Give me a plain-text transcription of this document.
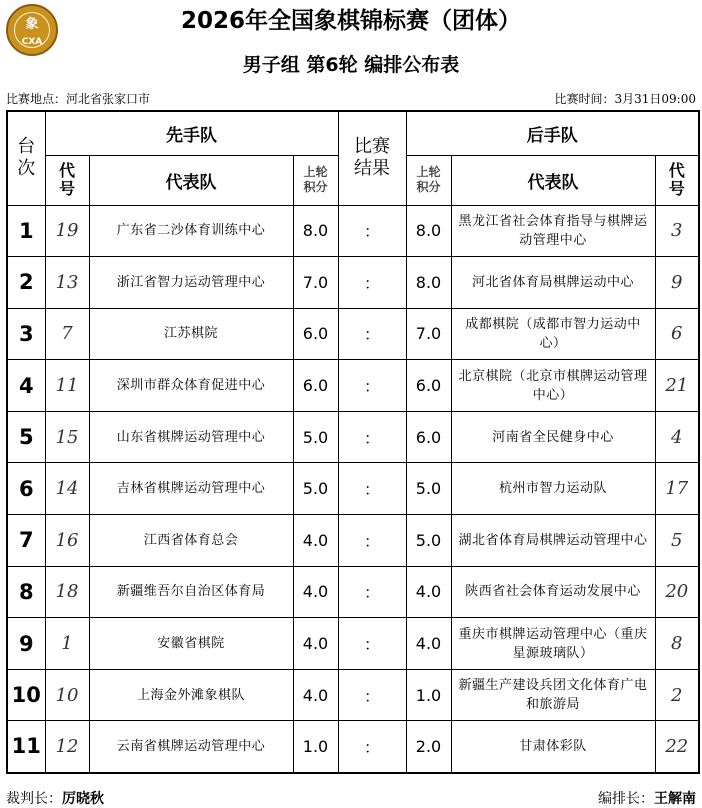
象
CXA
2026年全国象棋锦标赛（团体）
男子组 第6轮 编排公布表
比赛地点：河北省张家口市	比赛时间：3月31日09:00
台次	先手队			比赛结果	后手队		
	代号	代表队	上轮积分		上轮积分	代表队	代号
1	19	广东省二沙体育训练中心	8.0	：	8.0	黑龙江省社会体育指导与棋牌运动管理中心	3
2	13	浙江省智力运动管理中心	7.0	：	8.0	河北省体育局棋牌运动中心	9
3	7	江苏棋院	6.0	：	7.0	成都棋院（成都市智力运动中心）	6
4	11	深圳市群众体育促进中心	6.0	：	6.0	北京棋院（北京市棋牌运动管理中心）	21
5	15	山东省棋牌运动管理中心	5.0	：	6.0	河南省全民健身中心	4
6	14	吉林省棋牌运动管理中心	5.0	：	5.0	杭州市智力运动队	17
7	16	江西省体育总会	4.0	：	5.0	湖北省体育局棋牌运动管理中心	5
8	18	新疆维吾尔自治区体育局	4.0	：	4.0	陕西省社会体育运动发展中心	20
9	1	安徽省棋院	4.0	：	4.0	重庆市棋牌运动管理中心（重庆星源玻璃队）	8
10	10	上海金外滩象棋队	4.0	：	1.0	新疆生产建设兵团文化体育广电和旅游局	2
11	12	云南省棋牌运动管理中心	1.0	：	2.0	甘肃体彩队	22
裁判长：厉晓秋	编排长：王解南
